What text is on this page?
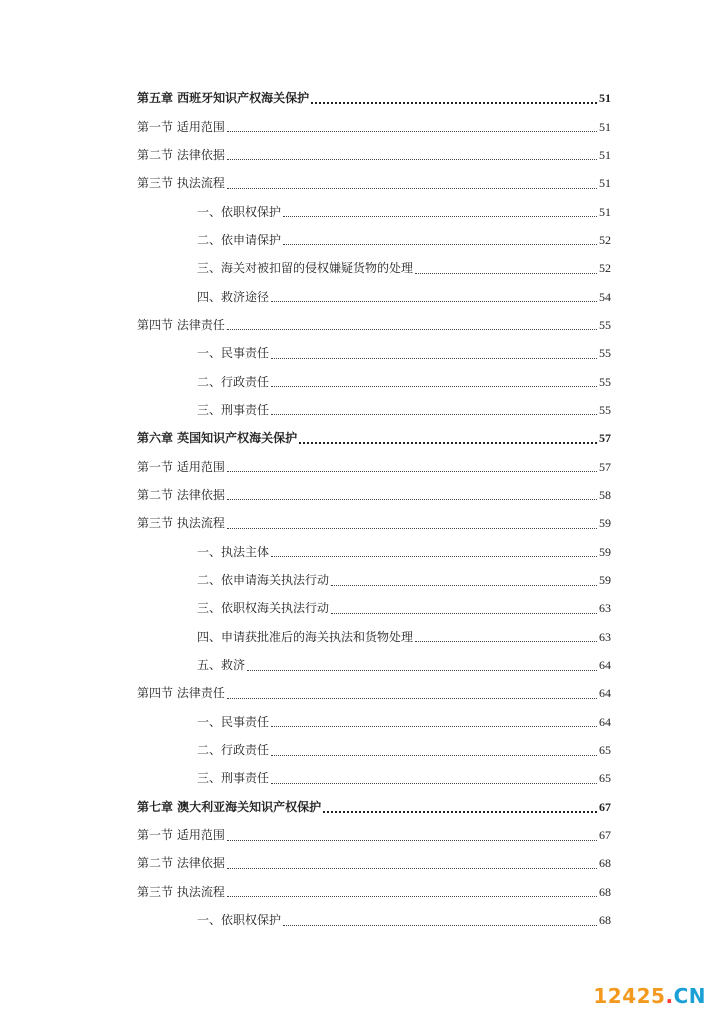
第五章 西班牙知识产权海关保护	51
第一节 适用范围	51
第二节 法律依据	51
第三节 执法流程	51
一、依职权保护	51
二、依申请保护	52
三、海关对被扣留的侵权嫌疑货物的处理	52
四、救济途径	54
第四节 法律责任	55
一、民事责任	55
二、行政责任	55
三、刑事责任	55
第六章 英国知识产权海关保护	57
第一节 适用范围	57
第二节 法律依据	58
第三节 执法流程	59
一、执法主体	59
二、依申请海关执法行动	59
三、依职权海关执法行动	63
四、申请获批准后的海关执法和货物处理	63
五、救济	64
第四节 法律责任	64
一、民事责任	64
二、行政责任	65
三、刑事责任	65
第七章 澳大利亚海关知识产权保护	67
第一节 适用范围	67
第二节 法律依据	68
第三节 执法流程	68
一、依职权保护	68
12425.CN
